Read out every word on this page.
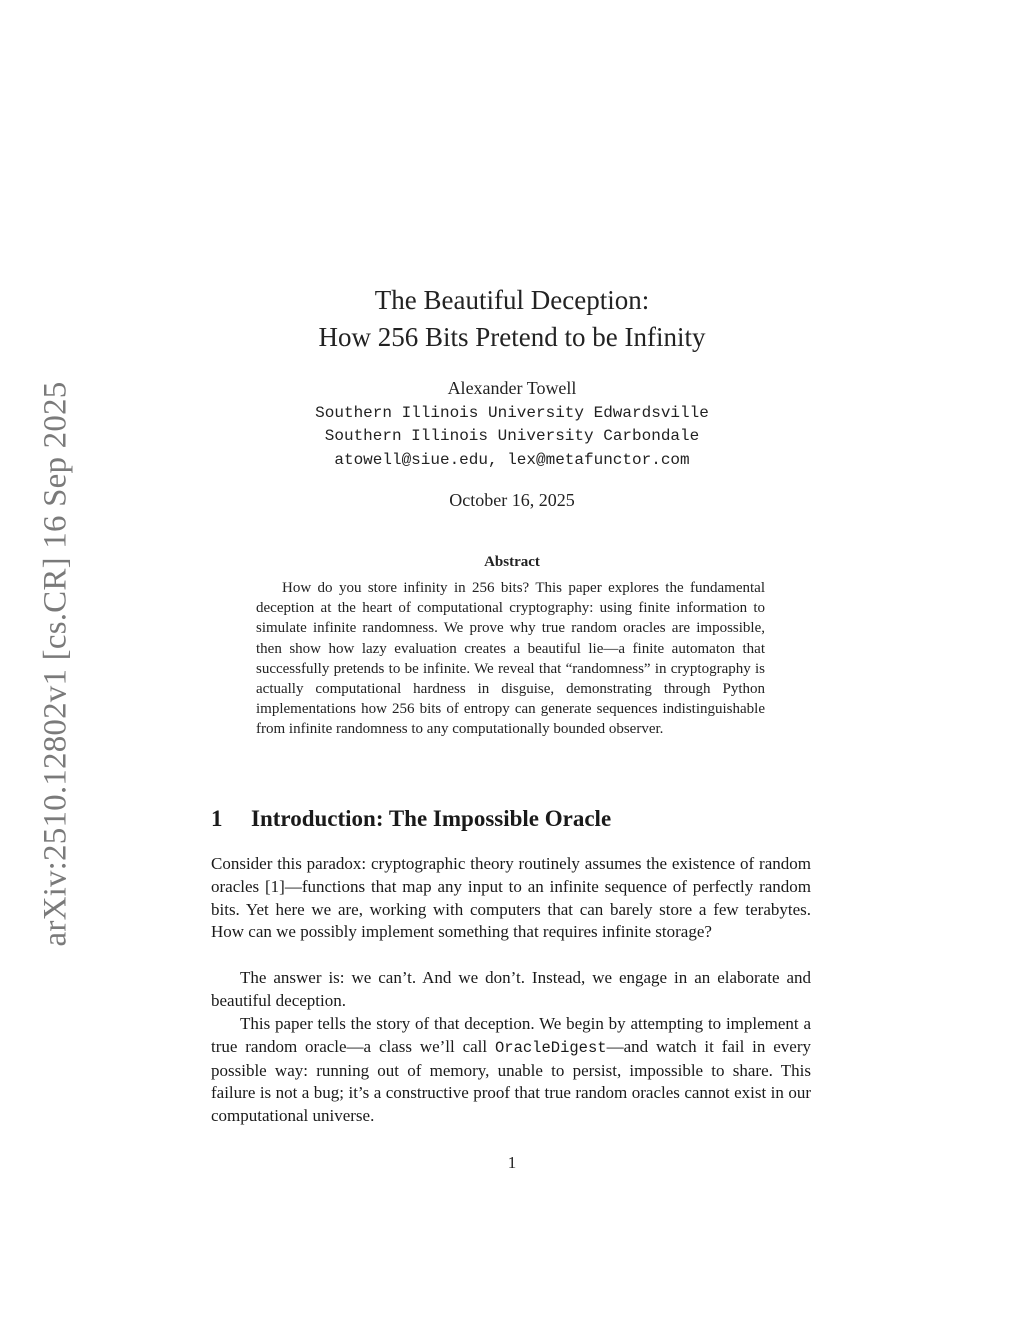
arXiv:2510.12802v1 [cs.CR] 16 Sep 2025
The Beautiful Deception:
How 256 Bits Pretend to be Infinity
Alexander Towell
Southern Illinois University Edwardsville
Southern Illinois University Carbondale
atowell@siue.edu, lex@metafunctor.com
October 16, 2025
Abstract

How do you store infinity in 256 bits? This paper explores the fundamental deception at the heart of computational cryptography: using finite information to simulate infinite randomness. We prove why true random oracles are impossible, then show how lazy evaluation creates a beautiful lie—a finite automaton that successfully pretends to be infinite. We reveal that “randomness” in cryptography is actually computational hardness in disguise, demonstrating through Python implementations how 256 bits of entropy can generate sequences indistinguishable from infinite randomness to any computationally bounded observer.

1 Introduction: The Impossible Oracle

Consider this paradox: cryptographic theory routinely assumes the existence of random oracles [1]—functions that map any input to an infinite sequence of perfectly random bits. Yet here we are, working with computers that can barely store a few terabytes. How can we possibly implement something that requires infinite storage?

The answer is: we can’t. And we don’t. Instead, we engage in an elaborate and beautiful deception.

This paper tells the story of that deception. We begin by attempting to implement a true random oracle—a class we’ll call OracleDigest—and watch it fail in every possible way: running out of memory, unable to persist, impossible to share. This failure is not a bug; it’s a constructive proof that true random oracles cannot exist in our computational universe.

1
